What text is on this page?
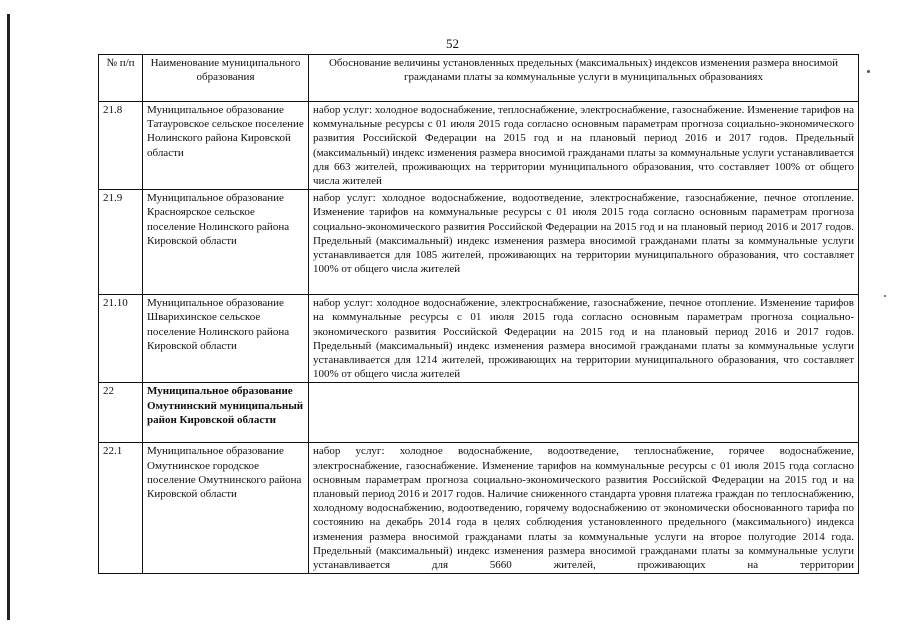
52
№ п/п	Наименование муниципального образования	Обоснование величины установленных предельных (максимальных) индексов изменения размера вносимой гражданами платы за коммунальные услуги в муниципальных образованиях
21.8	Муниципальное образование Татауровское сельское поселение Нолинского района Кировской области	набор услуг: холодное водоснабжение, теплоснабжение, электроснабжение, газоснабжение. Изменение тарифов на коммунальные ресурсы с 01 июля 2015 года согласно основным параметрам прогноза социально-экономического развития Российской Федерации на 2015 год и на плановый период 2016 и 2017 годов. Предельный (максимальный) индекс изменения размера вносимой гражданами платы за коммунальные услуги устанавливается для 663 жителей, проживающих на территории муниципального образования, что составляет 100% от общего числа жителей
21.9	Муниципальное образование Красноярское сельское поселение Нолинского района Кировской области	набор услуг: холодное водоснабжение, водоотведение, электроснабжение, газоснабжение, печное отопление. Изменение тарифов на коммунальные ресурсы с 01 июля 2015 года согласно основным параметрам прогноза социально-экономического развития Российской Федерации на 2015 год и на плановый период 2016 и 2017 годов. Предельный (максимальный) индекс изменения размера вносимой гражданами платы за коммунальные услуги устанавливается для 1085 жителей, проживающих на территории муниципального образования, что составляет 100% от общего числа жителей
21.10	Муниципальное образование Шварихинское сельское поселение Нолинского района Кировской области	набор услуг: холодное водоснабжение, электроснабжение, газоснабжение, печное отопление. Изменение тарифов на коммунальные ресурсы с 01 июля 2015 года согласно основным параметрам прогноза социально-экономического развития Российской Федерации на 2015 год и на плановый период 2016 и 2017 годов. Предельный (максимальный) индекс изменения размера вносимой гражданами платы за коммунальные услуги устанавливается для 1214 жителей, проживающих на территории муниципального образования, что составляет 100% от общего числа жителей
22	Муниципальное образование Омутнинский муниципальный район Кировской области	
22.1	Муниципальное образование Омутнинское городское поселение Омутнинского района Кировской области	набор услуг: холодное водоснабжение, водоотведение, теплоснабжение, горячее водоснабжение, электроснабжение, газоснабжение. Изменение тарифов на коммунальные ресурсы с 01 июля 2015 года согласно основным параметрам прогноза социально-экономического развития Российской Федерации на 2015 год и на плановый период 2016 и 2017 годов. Наличие сниженного стандарта уровня платежа граждан по теплоснабжению, холодному водоснабжению, водоотведению, горячему водоснабжению от экономически обоснованного тарифа по состоянию на декабрь 2014 года в целях соблюдения установленного предельного (максимального) индекса изменения размера вносимой гражданами платы за коммунальные услуги на второе полугодие 2014 года. Предельный (максимальный) индекс изменения размера вносимой гражданами платы за коммунальные услуги устанавливается для 5660 жителей, проживающих на территории
